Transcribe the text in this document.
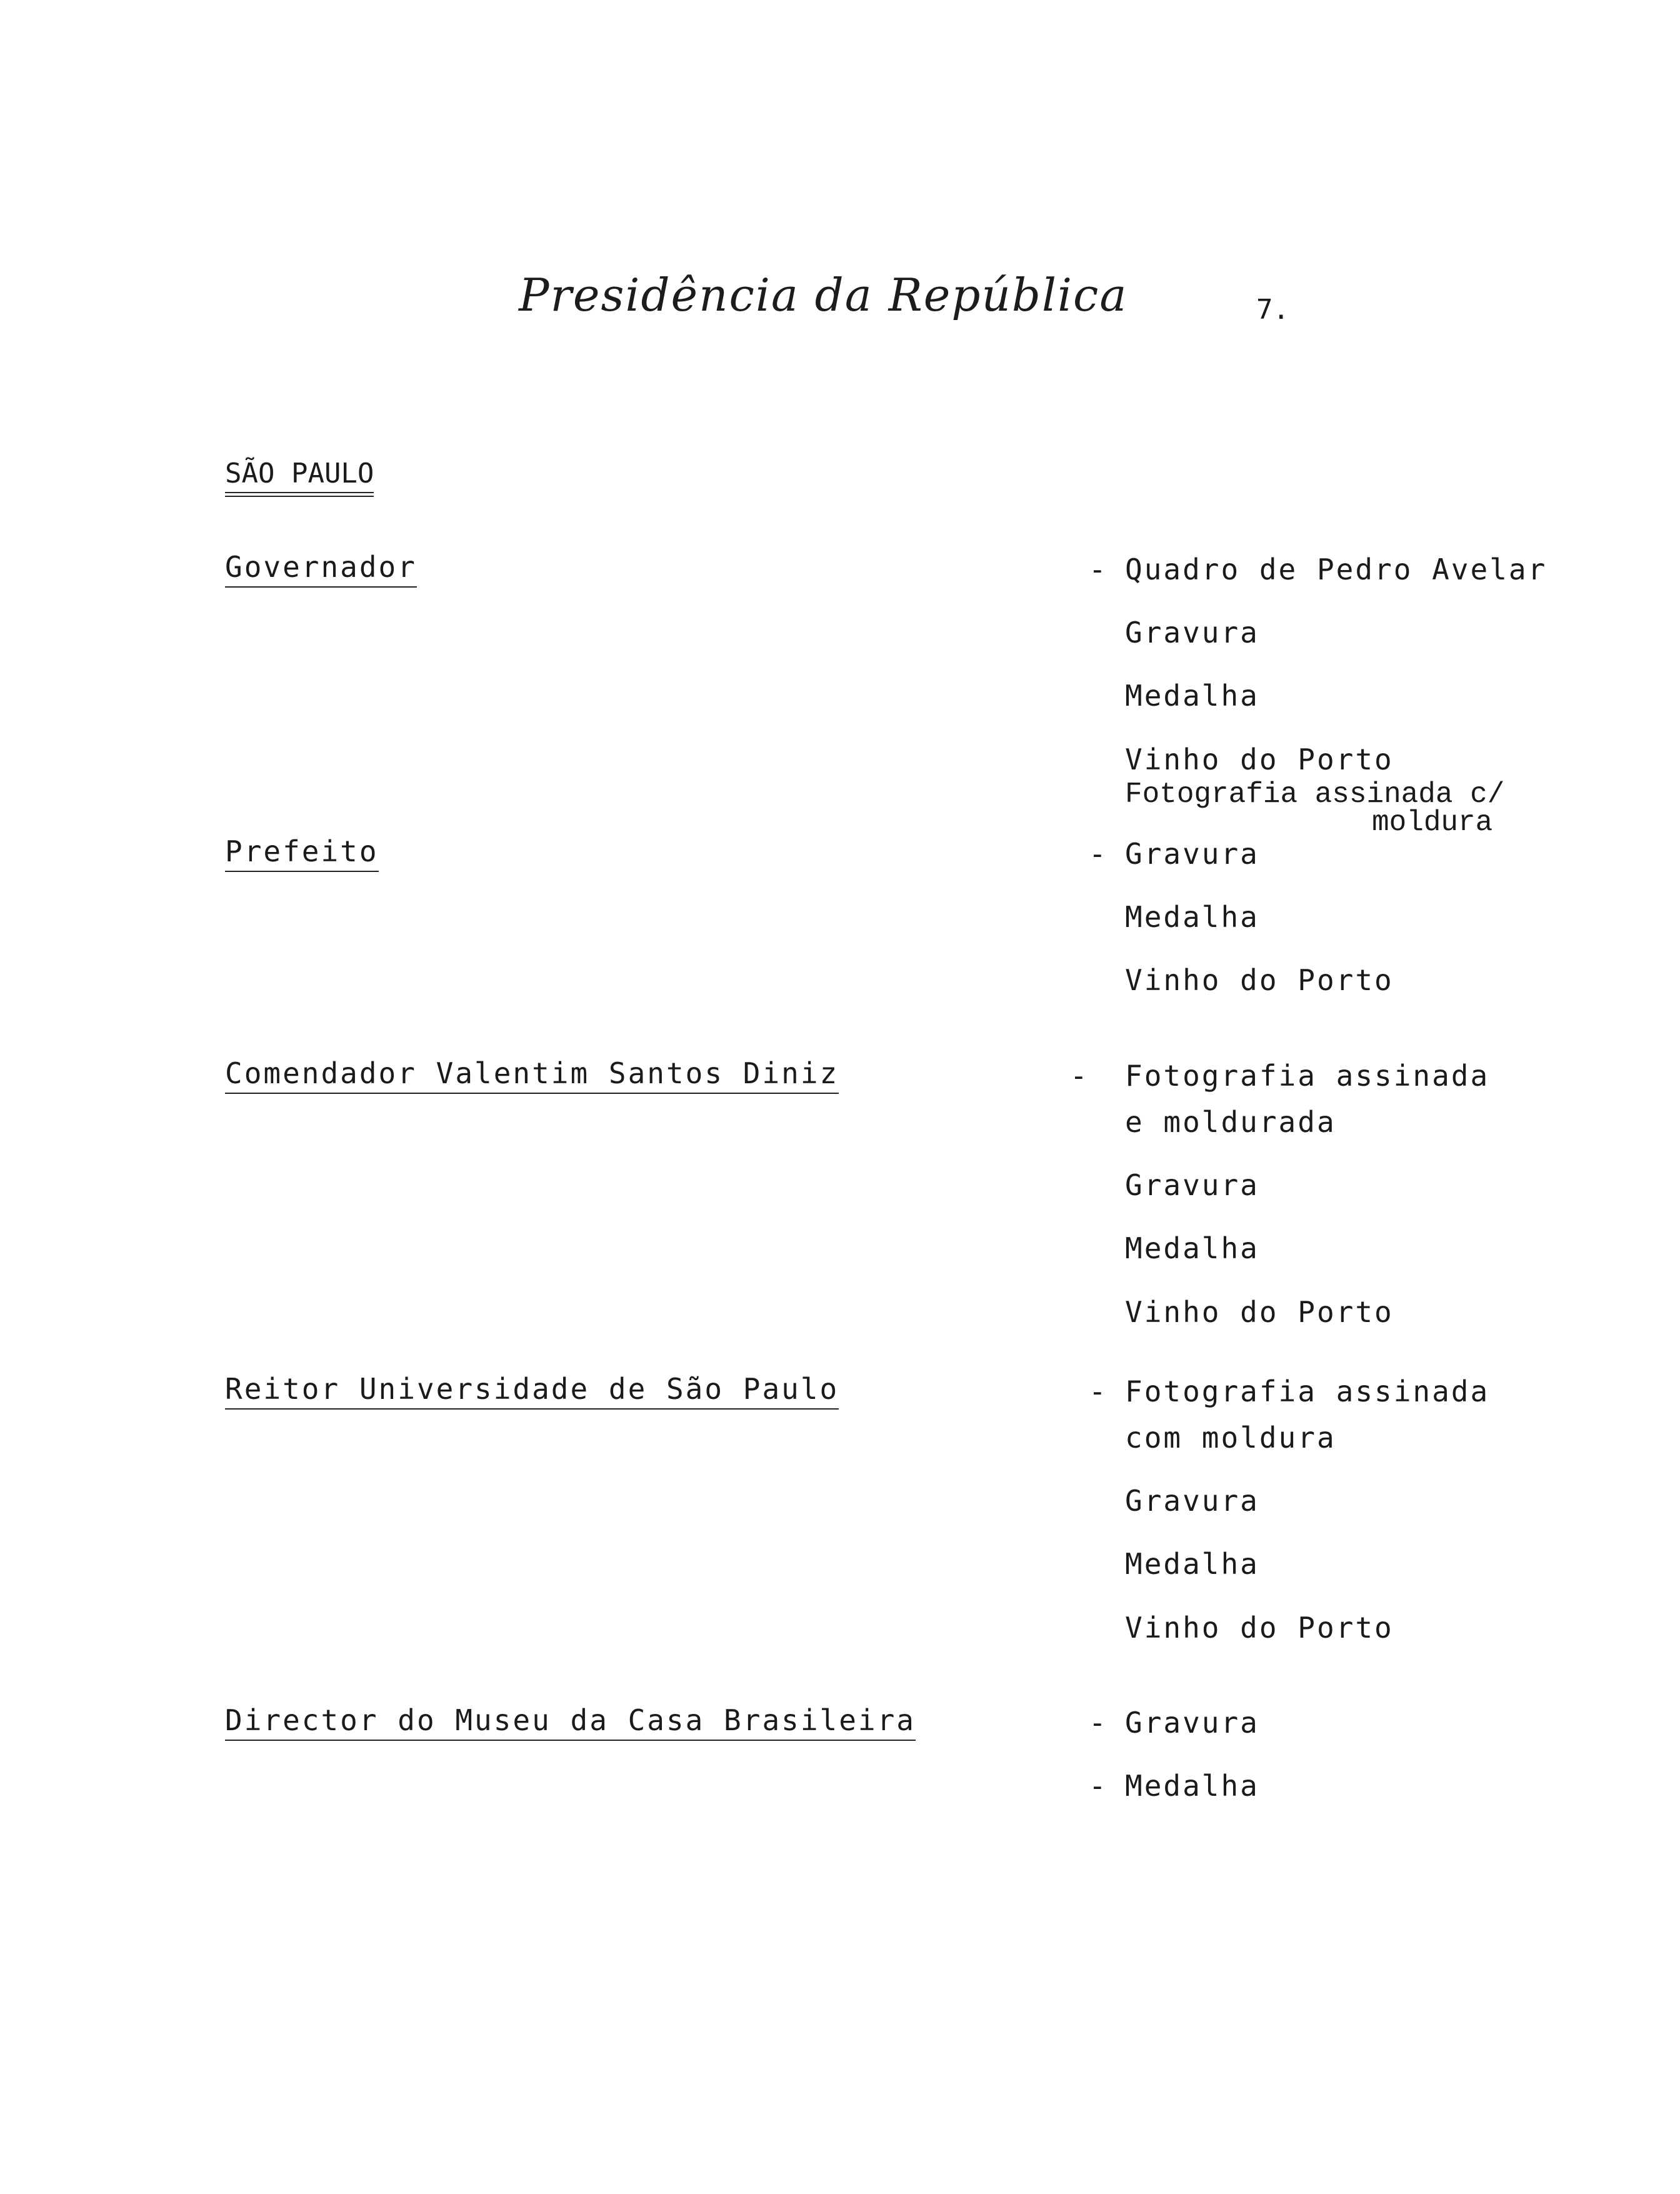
Presidência da República	7.
SÃO PAULO
Governador	- Quadro de Pedro Avelar
Gravura
Medalha
Vinho do Porto
Fotografia assinada c/
moldura
Prefeito	- Gravura
Medalha
Vinho do Porto
Comendador Valentim Santos Diniz	- Fotografia assinada
e moldurada
Gravura
Medalha
Vinho do Porto
Reitor Universidade de São Paulo	- Fotografia assinada
com moldura
Gravura
Medalha
Vinho do Porto
Director do Museu da Casa Brasileira	- Gravura
- Medalha
